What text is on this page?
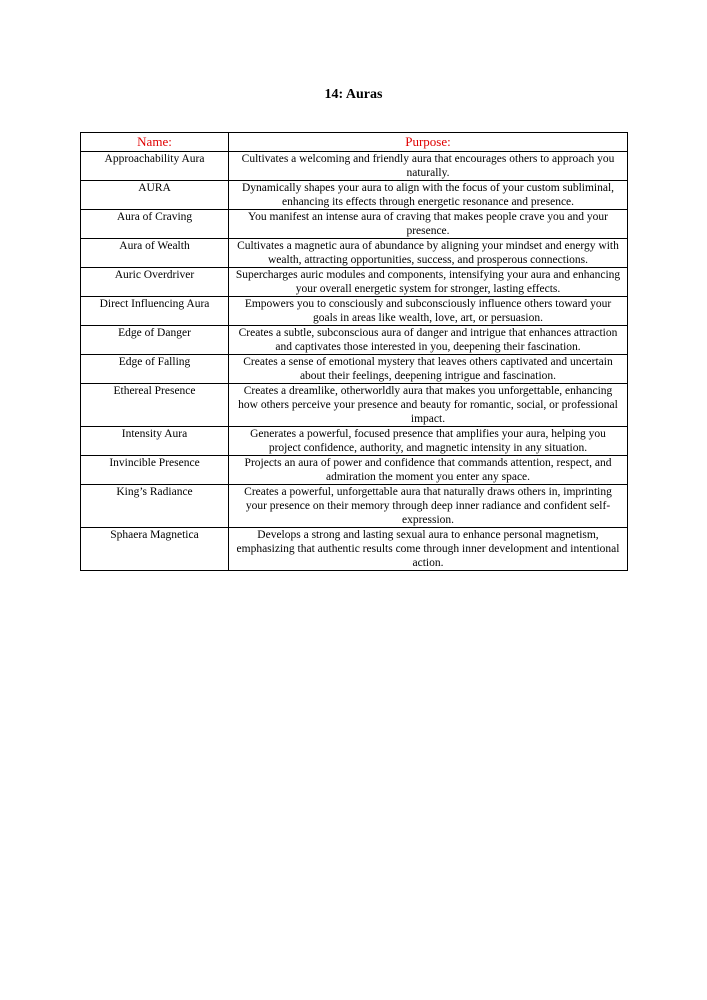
14: Auras
Name:	Purpose:
Approachability Aura	Cultivates a welcoming and friendly aura that encourages others to approach you naturally.
AURA	Dynamically shapes your aura to align with the focus of your custom subliminal, enhancing its effects through energetic resonance and presence.
Aura of Craving	You manifest an intense aura of craving that makes people crave you and your presence.
Aura of Wealth	Cultivates a magnetic aura of abundance by aligning your mindset and energy with wealth, attracting opportunities, success, and prosperous connections.
Auric Overdriver	Supercharges auric modules and components, intensifying your aura and enhancing your overall energetic system for stronger, lasting effects.
Direct Influencing Aura	Empowers you to consciously and subconsciously influence others toward your goals in areas like wealth, love, art, or persuasion.
Edge of Danger	Creates a subtle, subconscious aura of danger and intrigue that enhances attraction and captivates those interested in you, deepening their fascination.
Edge of Falling	Creates a sense of emotional mystery that leaves others captivated and uncertain about their feelings, deepening intrigue and fascination.
Ethereal Presence	Creates a dreamlike, otherworldly aura that makes you unforgettable, enhancing how others perceive your presence and beauty for romantic, social, or professional impact.
Intensity Aura	Generates a powerful, focused presence that amplifies your aura, helping you project confidence, authority, and magnetic intensity in any situation.
Invincible Presence	Projects an aura of power and confidence that commands attention, respect, and admiration the moment you enter any space.
King’s Radiance	Creates a powerful, unforgettable aura that naturally draws others in, imprinting your presence on their memory through deep inner radiance and confident self-expression.
Sphaera Magnetica	Develops a strong and lasting sexual aura to enhance personal magnetism, emphasizing that authentic results come through inner development and intentional action.
